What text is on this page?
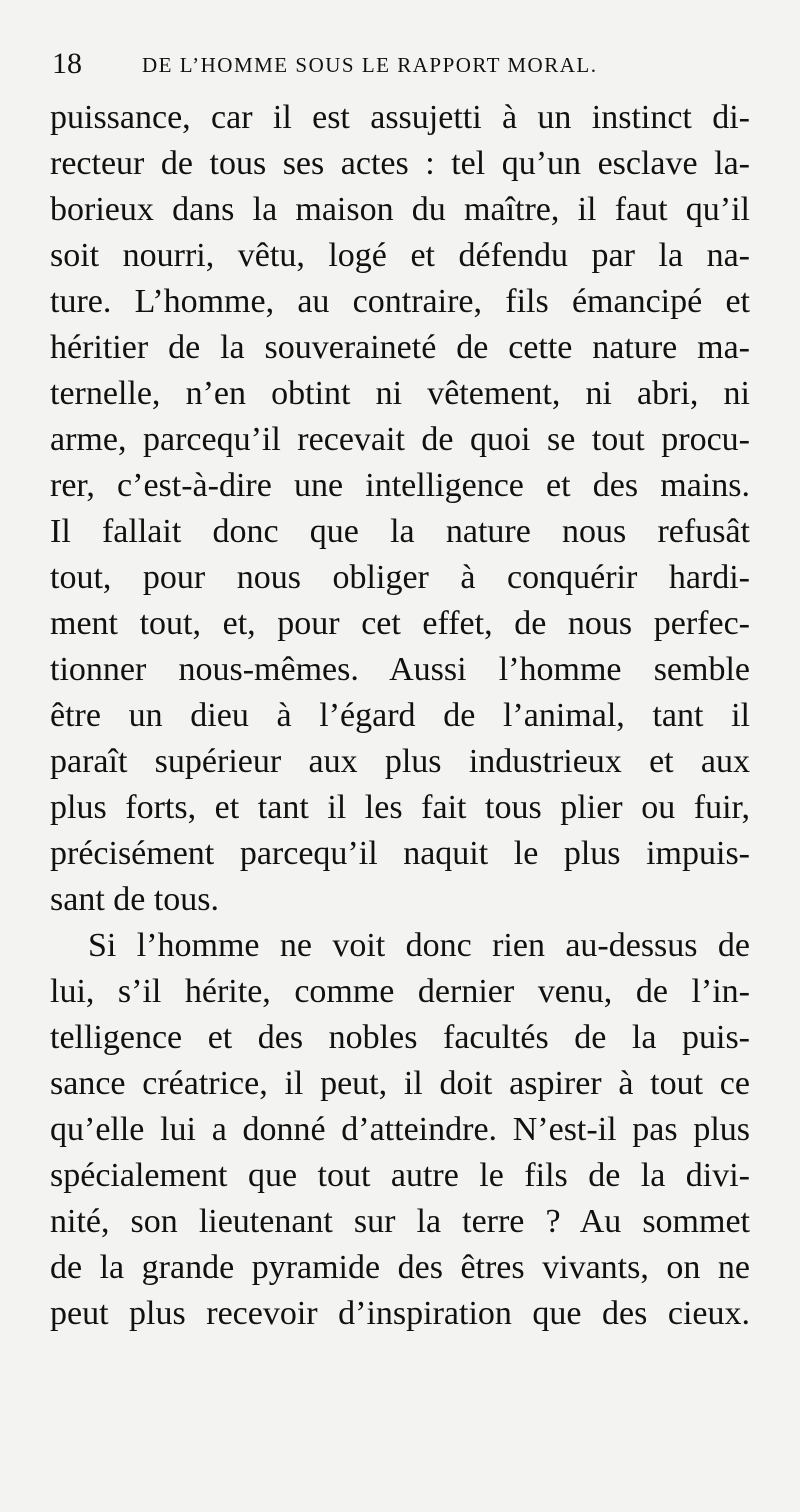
18	DE L’HOMME SOUS LE RAPPORT MORAL.
puissance, car il est assujetti à un instinct di-
recteur de tous ses actes : tel qu’un esclave la-
borieux dans la maison du maître, il faut qu’il
soit nourri, vêtu, logé et défendu par la na-
ture. L’homme, au contraire, fils émancipé et
héritier de la souveraineté de cette nature ma-
ternelle, n’en obtint ni vêtement, ni abri, ni
arme, parcequ’il recevait de quoi se tout procu-
rer, c’est-à-dire une intelligence et des mains.
Il fallait donc que la nature nous refusât
tout, pour nous obliger à conquérir hardi-
ment tout, et, pour cet effet, de nous perfec-
tionner nous-mêmes. Aussi l’homme semble
être un dieu à l’égard de l’animal, tant il
paraît supérieur aux plus industrieux et aux
plus forts, et tant il les fait tous plier ou fuir,
précisément parcequ’il naquit le plus impuis-
sant de tous.
Si l’homme ne voit donc rien au-dessus de
lui, s’il hérite, comme dernier venu, de l’in-
telligence et des nobles facultés de la puis-
sance créatrice, il peut, il doit aspirer à tout ce
qu’elle lui a donné d’atteindre. N’est-il pas plus
spécialement que tout autre le fils de la divi-
nité, son lieutenant sur la terre ? Au sommet
de la grande pyramide des êtres vivants, on ne
peut plus recevoir d’inspiration que des cieux.
